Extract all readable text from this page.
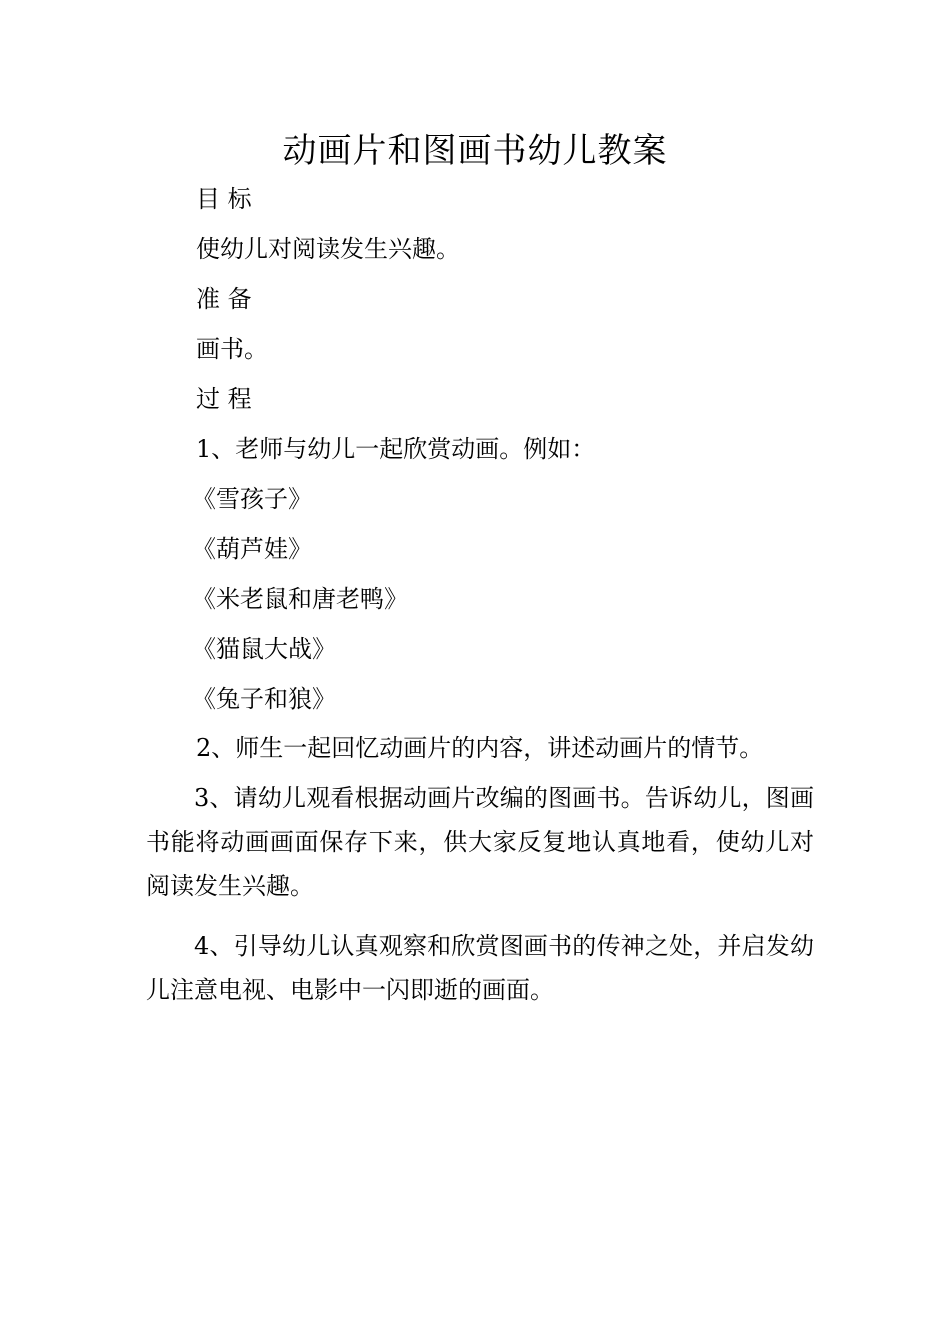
动画片和图画书幼儿教案

目 标

使幼儿对阅读发生兴趣。

准 备

画书。

过 程

1、老师与幼儿一起欣赏动画。例如：

《雪孩子》

《葫芦娃》

《米老鼠和唐老鸭》

《猫鼠大战》

《兔子和狼》

2、师生一起回忆动画片的内容，讲述动画片的情节。

3、请幼儿观看根据动画片改编的图画书。告诉幼儿，图画书能将动画画面保存下来，供大家反复地认真地看，使幼儿对阅读发生兴趣。

4、引导幼儿认真观察和欣赏图画书的传神之处，并启发幼儿注意电视、电影中一闪即逝的画面。
